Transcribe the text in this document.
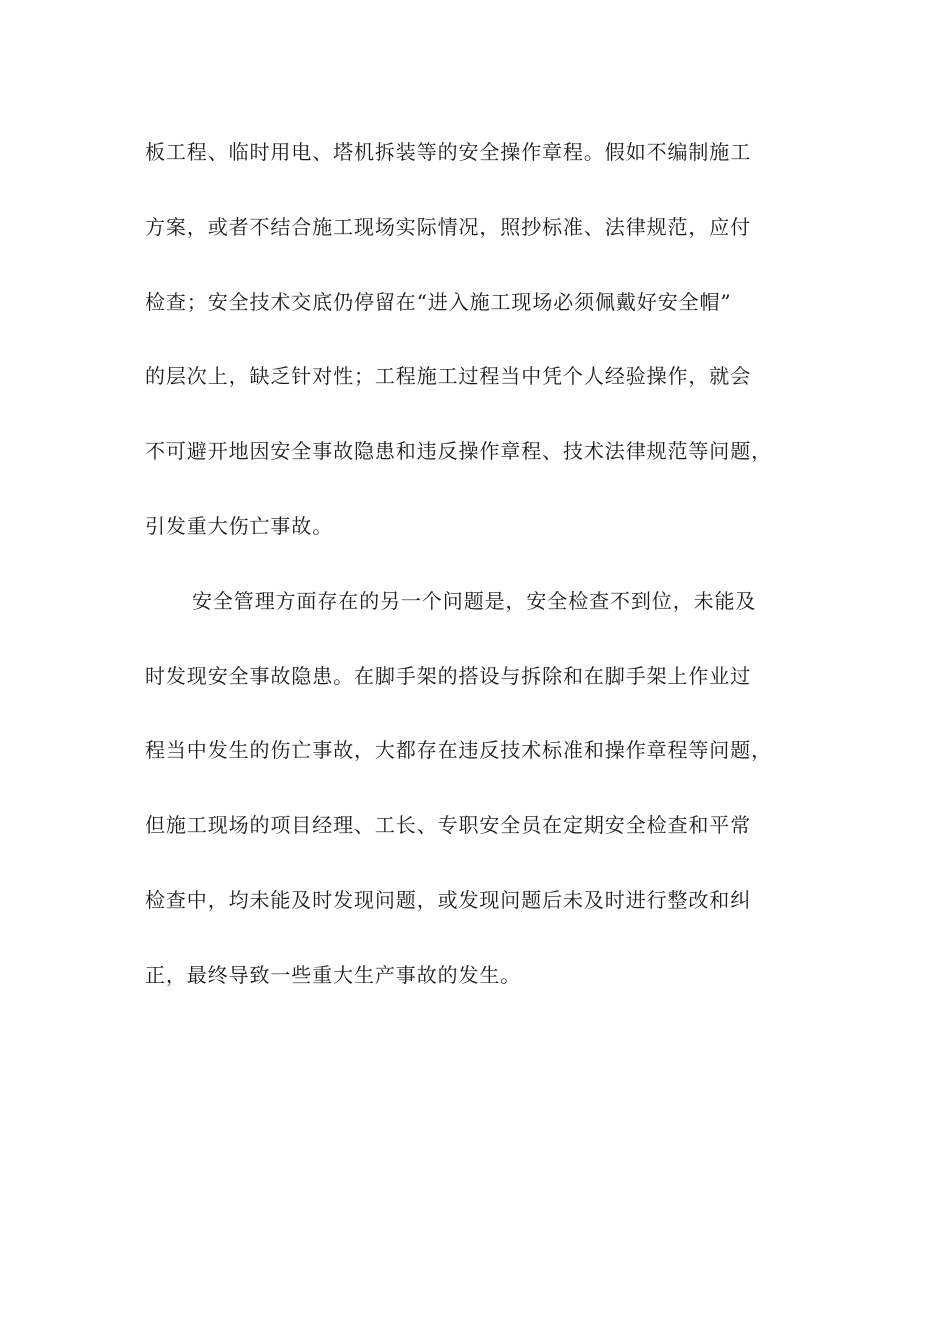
板工程、临时用电、塔机拆装等的安全操作章程。假如不编制施工
方案，或者不结合施工现场实际情况，照抄标准、法律规范，应付
检查；安全技术交底仍停留在“进入施工现场必须佩戴好安全帽”
的层次上，缺乏针对性；工程施工过程当中凭个人经验操作，就会
不可避开地因安全事故隐患和违反操作章程、技术法律规范等问题，
引发重大伤亡事故。
安全管理方面存在的另一个问题是，安全检查不到位，未能及
时发现安全事故隐患。在脚手架的搭设与拆除和在脚手架上作业过
程当中发生的伤亡事故，大都存在违反技术标准和操作章程等问题，
但施工现场的项目经理、工长、专职安全员在定期安全检查和平常
检查中，均未能及时发现问题，或发现问题后未及时进行整改和纠
正，最终导致一些重大生产事故的发生。
